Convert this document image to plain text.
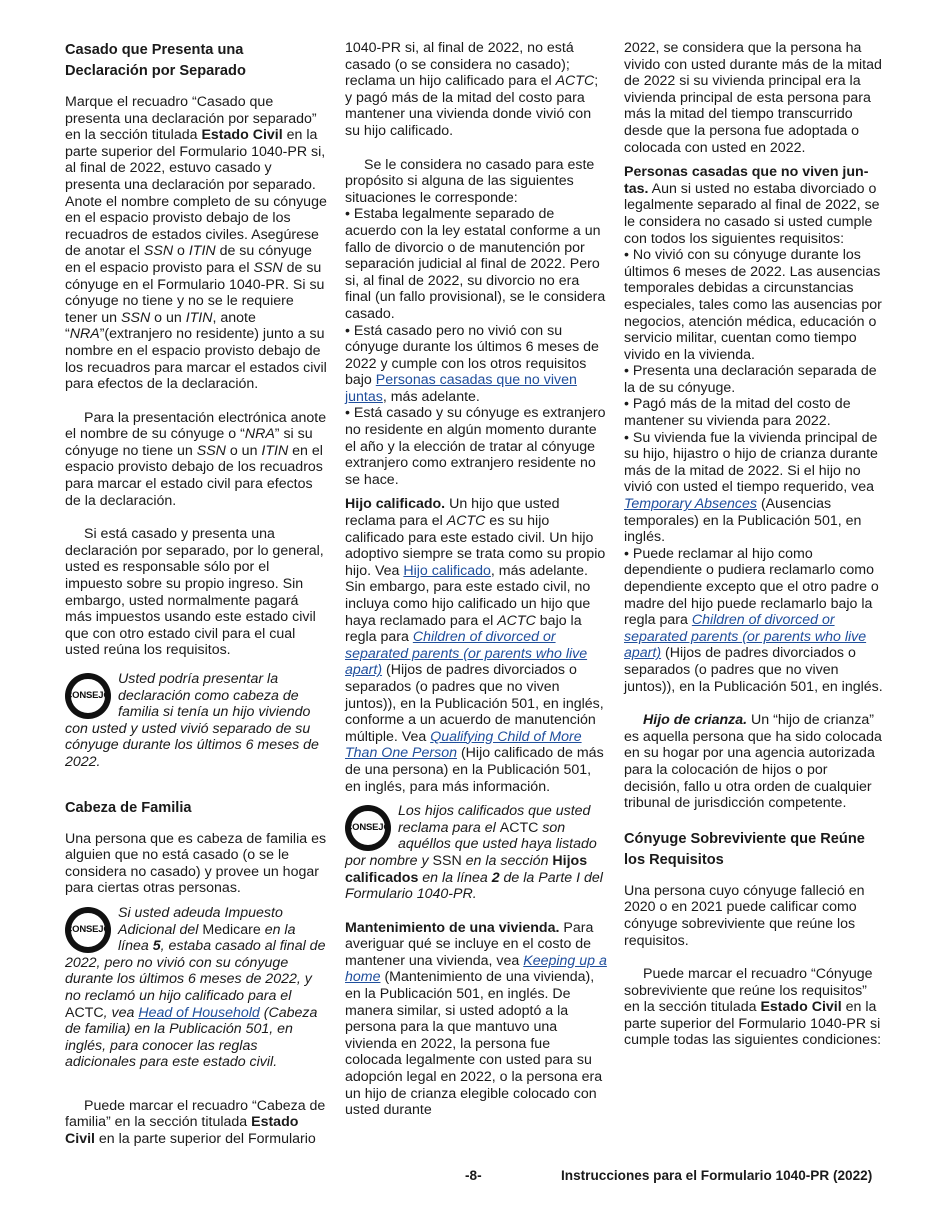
Casado que Presenta una Declaración por Separado

Marque el recuadro “Casado que presenta una declaración por separado” en la sección titulada Estado Civil en la parte superior del Formulario 1040-PR si, al final de 2022, estuvo casado y presenta una declaración por separado. Anote el nombre completo de su cónyuge en el espacio provisto debajo de los recuadros de estados civiles. Asegúrese de anotar el SSN o ITIN de su cónyuge en el espacio provisto para el SSN de su cónyuge en el Formulario 1040-PR. Si su cónyuge no tiene y no se le requiere tener un SSN o un ITIN, anote “NRA”(extranjero no residente) junto a su nombre en el espacio provisto debajo de los recuadros para marcar el estados civil para efectos de la declaración.

Para la presentación electrónica anote el nombre de su cónyuge o “NRA” si su cónyuge no tiene un SSN o un ITIN en el espacio provisto debajo de los recuadros para marcar el estado civil para efectos de la declaración.

Si está casado y presenta una declaración por separado, por lo general, usted es responsable sólo por el impuesto sobre su propio ingreso. Sin embargo, usted normalmente pagará más impuestos usando este estado civil que con otro estado civil para el cual usted reúna los requisitos.

CONSEJO
Usted podría presentar la declaración como cabeza de familia si tenía un hijo viviendo con usted y usted vivió separado de su cónyuge durante los últimos 6 meses de 2022.
Cabeza de Familia

Una persona que es cabeza de familia es alguien que no está casado (o se le considera no casado) y provee un hogar para ciertas otras personas.

CONSEJO
Si usted adeuda Impuesto Adicional del Medicare en la línea 5, estaba casado al final de 2022, pero no vivió con su cónyuge durante los últimos 6 meses de 2022, y no reclamó un hijo calificado para el ACTC, vea Head of Household (Cabeza de familia) en la Publicación 501, en inglés, para conocer las reglas adicionales para este estado civil.

Puede marcar el recuadro “Cabeza de familia” en la sección titulada Estado Civil en la parte superior del Formulario

1040-PR si, al final de 2022, no está casado (o se considera no casado); reclama un hijo calificado para el ACTC; y pagó más de la mitad del costo para mantener una vivienda donde vivió con su hijo calificado.

Se le considera no casado para este propósito si alguna de las siguientes situaciones le corresponde:

• Estaba legalmente separado de acuerdo con la ley estatal conforme a un fallo de divorcio o de manutención por separación judicial al final de 2022. Pero si, al final de 2022, su divorcio no era final (un fallo provisional), se le considera casado.

• Está casado pero no vivió con su cónyuge durante los últimos 6 meses de 2022 y cumple con los otros requisitos bajo Personas casadas que no viven juntas, más adelante.

• Está casado y su cónyuge es extranjero no residente en algún momento durante el año y la elección de tratar al cónyuge extranjero como extranjero residente no se hace.

Hijo calificado. Un hijo que usted reclama para el ACTC es su hijo calificado para este estado civil. Un hijo adoptivo siempre se trata como su propio hijo. Vea Hijo calificado, más adelante. Sin embargo, para este estado civil, no incluya como hijo calificado un hijo que haya reclamado para el ACTC bajo la regla para Children of divorced or separated parents (or parents who live apart) (Hijos de padres divorciados o separados (o padres que no viven juntos)), en la Publicación 501, en inglés, conforme a un acuerdo de manutención múltiple. Vea Qualifying Child of More Than One Person (Hijo calificado de más de una persona) en la Publicación 501, en inglés, para más información.

CONSEJO
Los hijos calificados que usted reclama para el ACTC son aquéllos que usted haya listado por nombre y SSN en la sección Hijos calificados en la línea 2 de la Parte I del Formulario 1040-PR.

Mantenimiento de una vivienda. Para averiguar qué se incluye en el costo de mantener una vivienda, vea Keeping up a home (Mantenimiento de una vivienda), en la Publicación 501, en inglés. De manera similar, si usted adoptó a la persona para la que mantuvo una vivienda en 2022, la persona fue colocada legalmente con usted para su adopción legal en 2022, o la persona era un hijo de crianza elegible colocado con usted durante

2022, se considera que la persona ha vivido con usted durante más de la mitad de 2022 si su vivienda principal era la vivienda principal de esta persona para más la mitad del tiempo transcurrido desde que la persona fue adoptada o colocada con usted en 2022.

Personas casadas que no viven jun-tas. Aun si usted no estaba divorciado o legalmente separado al final de 2022, se le considera no casado si usted cumple con todos los siguientes requisitos:

• No vivió con su cónyuge durante los últimos 6 meses de 2022. Las ausencias temporales debidas a circunstancias especiales, tales como las ausencias por negocios, atención médica, educación o servicio militar, cuentan como tiempo vivido en la vivienda.

• Presenta una declaración separada de la de su cónyuge.

• Pagó más de la mitad del costo de mantener su vivienda para 2022.

• Su vivienda fue la vivienda principal de su hijo, hijastro o hijo de crianza durante más de la mitad de 2022. Si el hijo no vivió con usted el tiempo requerido, vea Temporary Absences (Ausencias temporales) en la Publicación 501, en inglés.

• Puede reclamar al hijo como dependiente o pudiera reclamarlo como dependiente excepto que el otro padre o madre del hijo puede reclamarlo bajo la regla para Children of divorced or separated parents (or parents who live apart) (Hijos de padres divorciados o separados (o padres que no viven juntos)), en la Publicación 501, en inglés.

Hijo de crianza. Un “hijo de crianza” es aquella persona que ha sido colocada en su hogar por una agencia autorizada para la colocación de hijos o por decisión, fallo u otra orden de cualquier tribunal de jurisdicción competente.

Cónyuge Sobreviviente que Reúne los Requisitos

Una persona cuyo cónyuge falleció en 2020 o en 2021 puede calificar como cónyuge sobreviviente que reúne los requisitos.

Puede marcar el recuadro “Cónyuge sobreviviente que reúne los requisitos” en la sección titulada Estado Civil en la parte superior del Formulario 1040-PR si cumple todas las siguientes condiciones:

-8-	Instrucciones para el Formulario 1040-PR (2022)
